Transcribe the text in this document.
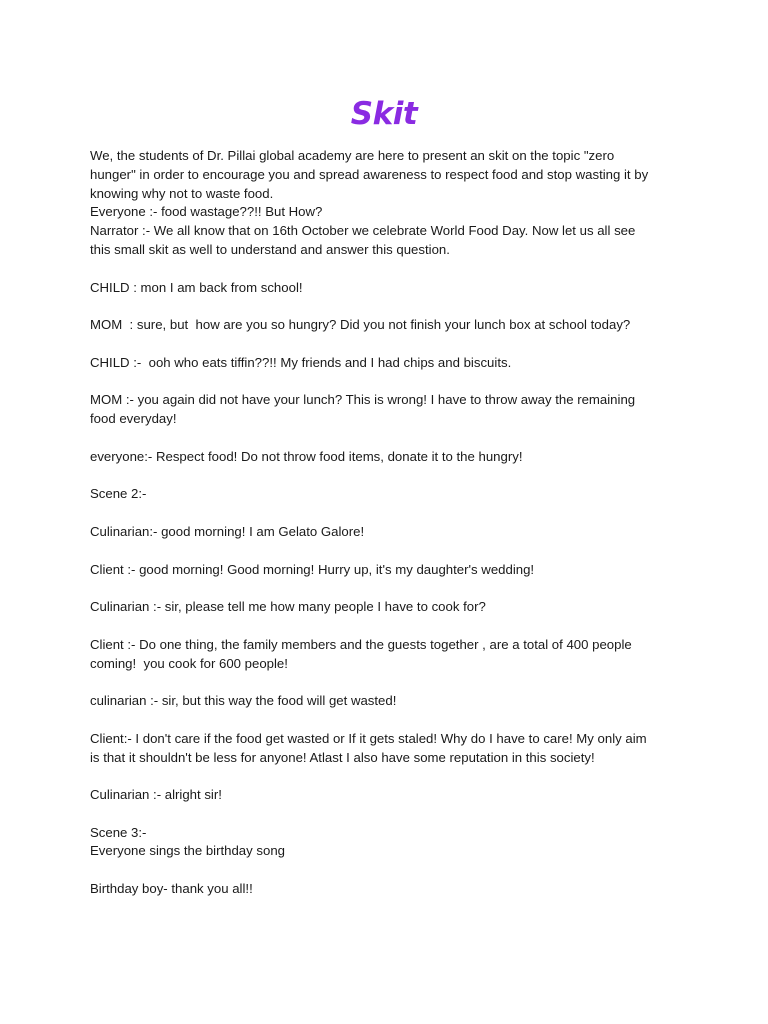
Skit
We, the students of Dr. Pillai global academy are here to present an skit on the topic "zero
hunger" in order to encourage you and spread awareness to respect food and stop wasting it by
knowing why not to waste food.
Everyone :- food wastage??!! But How?
Narrator :- We all know that on 16th October we celebrate World Food Day. Now let us all see
this small skit as well to understand and answer this question.
CHILD : mon I am back from school!
MOM  : sure, but  how are you so hungry? Did you not finish your lunch box at school today?
CHILD :-  ooh who eats tiffin??!! My friends and I had chips and biscuits.
MOM :- you again did not have your lunch? This is wrong! I have to throw away the remaining
food everyday!
everyone:- Respect food! Do not throw food items, donate it to the hungry!
Scene 2:-
Culinarian:- good morning! I am Gelato Galore!
Client :- good morning! Good morning! Hurry up, it's my daughter's wedding!
Culinarian :- sir, please tell me how many people I have to cook for?
Client :- Do one thing, the family members and the guests together , are a total of 400 people
coming!  you cook for 600 people!
culinarian :- sir, but this way the food will get wasted!
Client:- I don't care if the food get wasted or If it gets staled! Why do I have to care! My only aim
is that it shouldn't be less for anyone! Atlast I also have some reputation in this society!
Culinarian :- alright sir!
Scene 3:-
Everyone sings the birthday song
Birthday boy- thank you all!!
